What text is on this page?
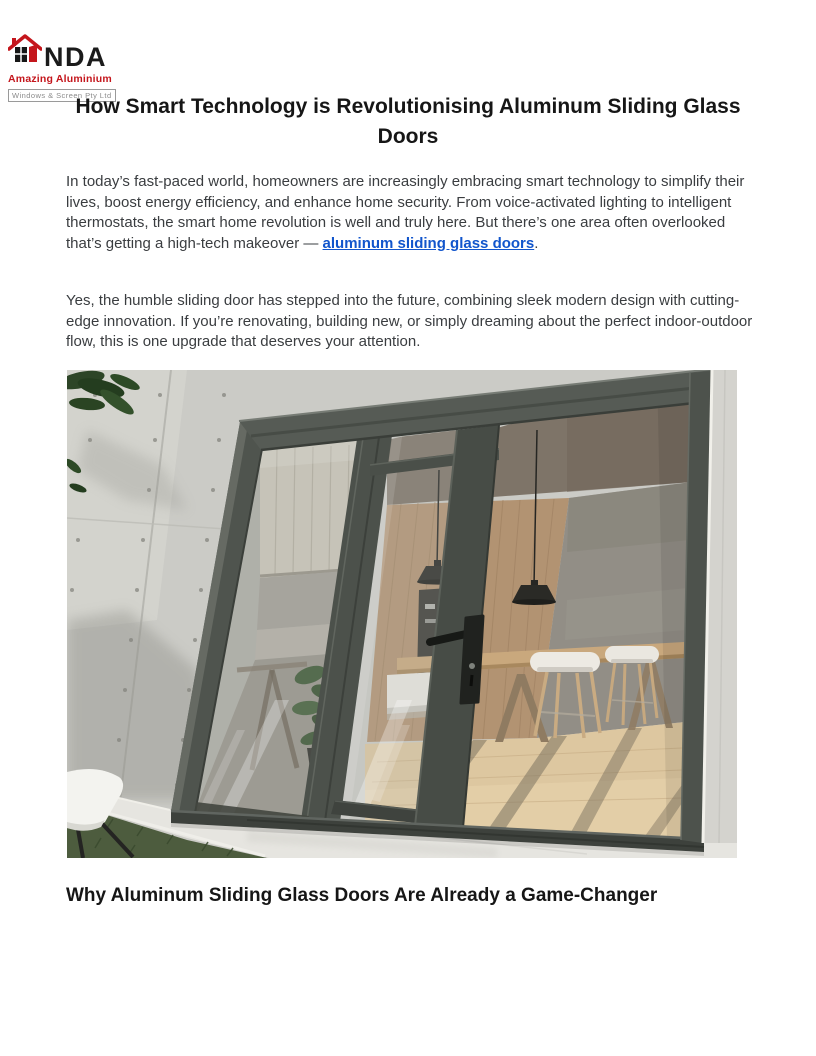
NDA
Amazing Aluminium
Windows & Screen Pty Ltd
How Smart Technology is Revolutionising Aluminum Sliding Glass Doors

In today’s fast-paced world, homeowners are increasingly embracing smart technology to simplify their lives, boost energy efficiency, and enhance home security. From voice-activated lighting to intelligent thermostats, the smart home revolution is well and truly here. But there’s one area often overlooked that’s getting a high-tech makeover — aluminum sliding glass doors.

Yes, the humble sliding door has stepped into the future, combining sleek modern design with cutting-edge innovation. If you’re renovating, building new, or simply dreaming about the perfect indoor-outdoor flow, this is one upgrade that deserves your attention.

Why Aluminum Sliding Glass Doors Are Already a Game-Changer
